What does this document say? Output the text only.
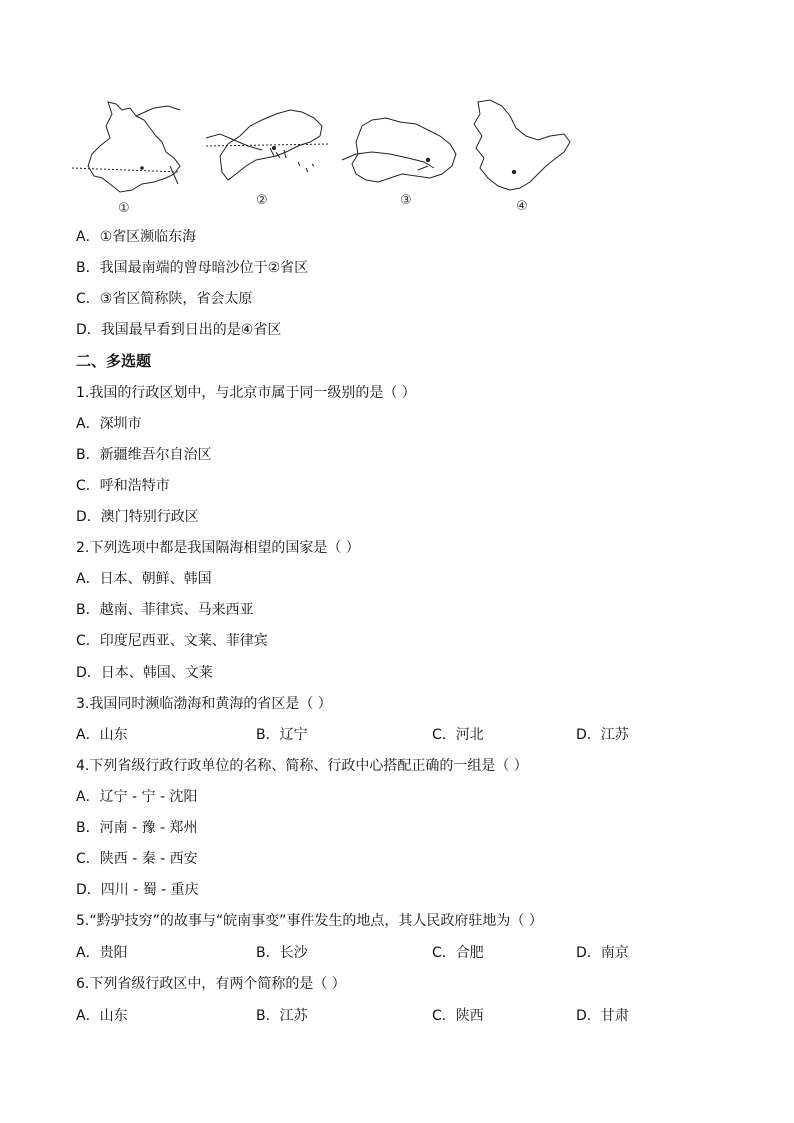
①
②	③	④
A．①省区濒临东海
B．我国最南端的曾母暗沙位于②省区
C．③省区简称陕，省会太原
D．我国最早看到日出的是④省区
二、多选题
1.我国的行政区划中，与北京市属于同一级别的是（ ）
A．深圳市
B．新疆维吾尔自治区
C．呼和浩特市
D．澳门特别行政区
2.下列选项中都是我国隔海相望的国家是（ ）
A．日本、朝鲜、韩国
B．越南、菲律宾、马来西亚
C．印度尼西亚、文莱、菲律宾
D．日本、韩国、文莱
3.我国同时濒临渤海和黄海的省区是（ ）
A．山东	B．辽宁	C．河北	D．江苏
4.下列省级行政行政单位的名称、简称、行政中心搭配正确的一组是（ ）
A．辽宁 - 宁 - 沈阳
B．河南 - 豫 - 郑州
C．陕西 - 秦 - 西安
D．四川 - 蜀 - 重庆
5.“黔驴技穷”的故事与“皖南事变”事件发生的地点，其人民政府驻地为（ ）
A．贵阳	B．长沙	C．合肥	D．南京
6.下列省级行政区中，有两个简称的是（ ）
A．山东	B．江苏	C．陕西	D．甘肃
